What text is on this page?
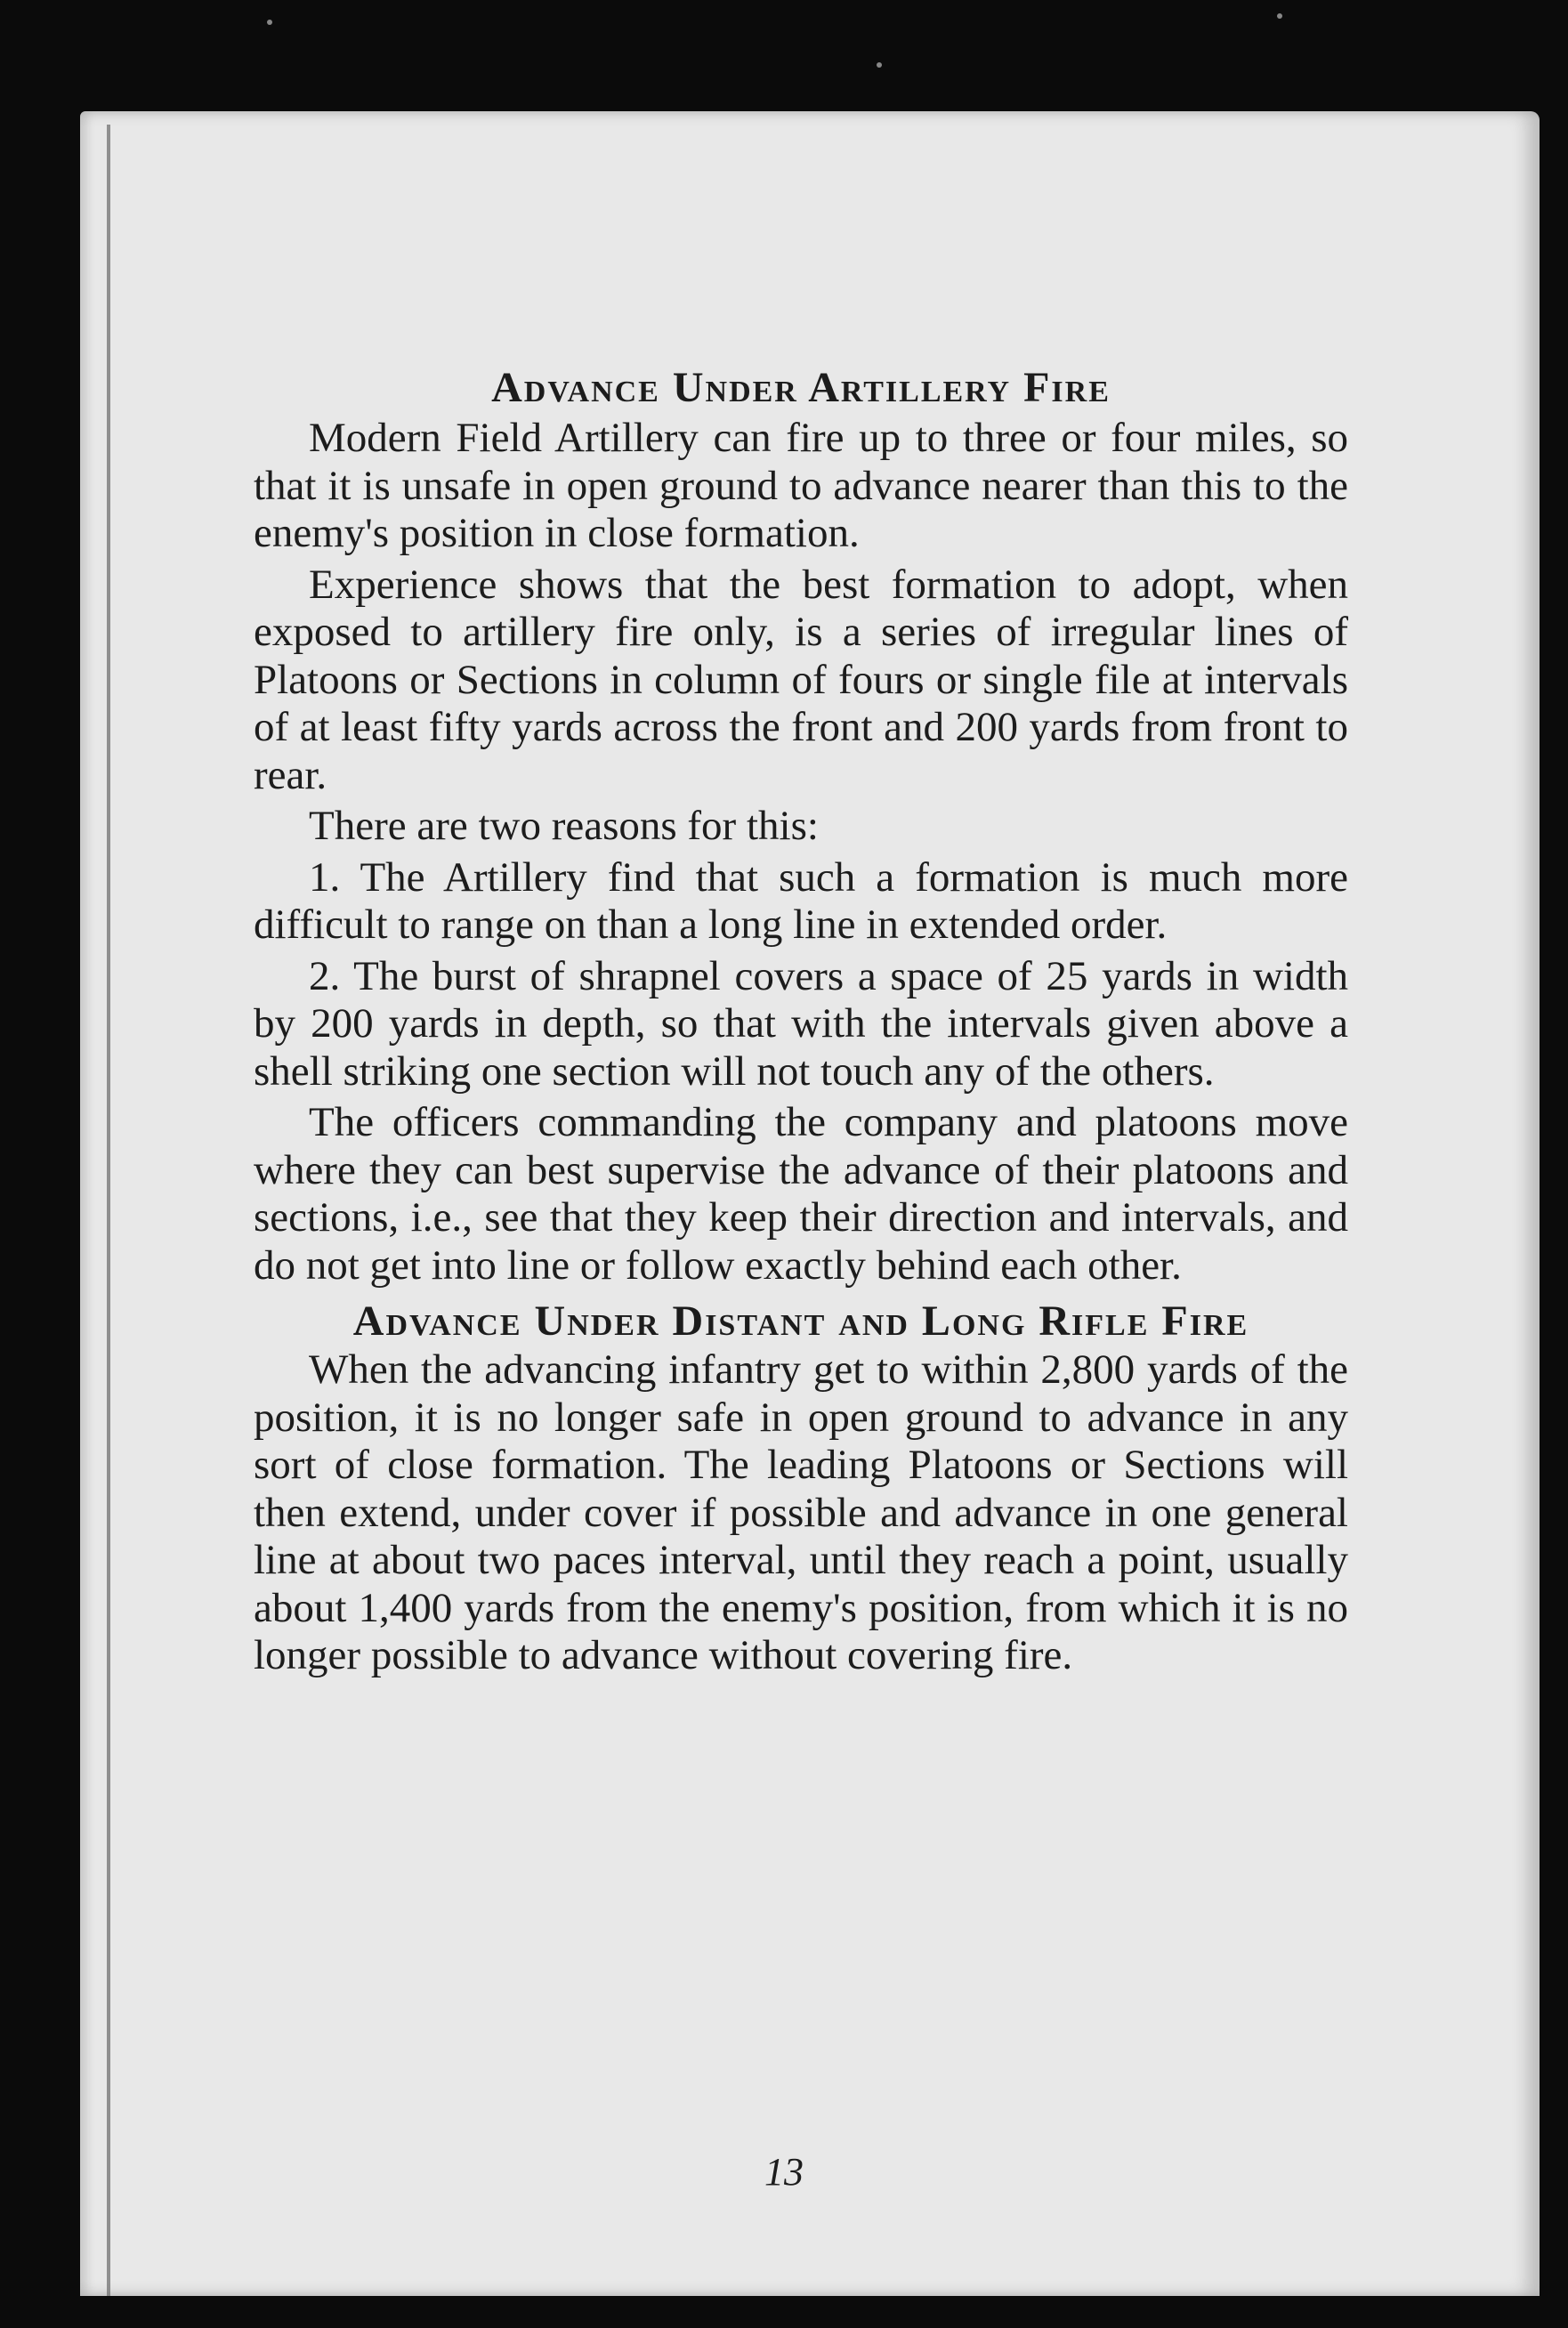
Advance Under Artillery Fire

Modern Field Artillery can fire up to three or four miles, so that it is unsafe in open ground to advance nearer than this to the enemy's position in close formation.

Experience shows that the best formation to adopt, when exposed to artillery fire only, is a series of irregular lines of Platoons or Sections in column of fours or single file at intervals of at least fifty yards across the front and 200 yards from front to rear.

There are two reasons for this:

1. The Artillery find that such a formation is much more difficult to range on than a long line in extended order.

2. The burst of shrapnel covers a space of 25 yards in width by 200 yards in depth, so that with the intervals given above a shell striking one section will not touch any of the others.

The officers commanding the company and platoons move where they can best supervise the advance of their platoons and sections, i.e., see that they keep their direction and intervals, and do not get into line or follow exactly behind each other.

Advance Under Distant and Long Rifle Fire

When the advancing infantry get to within 2,800 yards of the position, it is no longer safe in open ground to advance in any sort of close formation. The leading Platoons or Sections will then extend, under cover if possible and advance in one general line at about two paces interval, until they reach a point, usually about 1,400 yards from the enemy's position, from which it is no longer possible to advance without covering fire.

13
